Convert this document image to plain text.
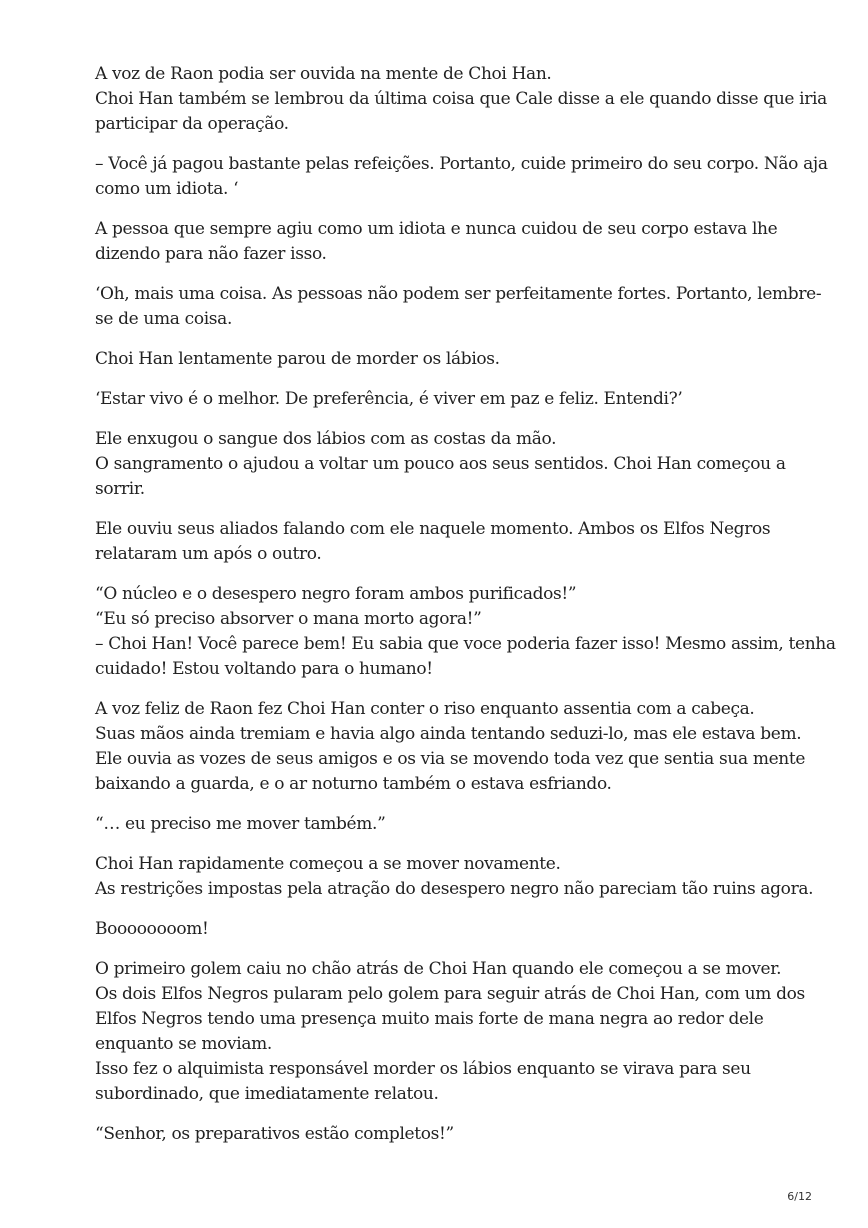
A voz de Raon podia ser ouvida na mente de Choi Han.
Choi Han também se lembrou da última coisa que Cale disse a ele quando disse que iria
participar da operação.

– Você já pagou bastante pelas refeições. Portanto, cuide primeiro do seu corpo. Não aja
como um idiota. ‘

A pessoa que sempre agiu como um idiota e nunca cuidou de seu corpo estava lhe
dizendo para não fazer isso.

‘Oh, mais uma coisa. As pessoas não podem ser perfeitamente fortes. Portanto, lembre-
se de uma coisa.

Choi Han lentamente parou de morder os lábios.

‘Estar vivo é o melhor. De preferência, é viver em paz e feliz. Entendi?’

Ele enxugou o sangue dos lábios com as costas da mão.
O sangramento o ajudou a voltar um pouco aos seus sentidos. Choi Han começou a
sorrir.

Ele ouviu seus aliados falando com ele naquele momento. Ambos os Elfos Negros
relataram um após o outro.

“O núcleo e o desespero negro foram ambos purificados!”
“Eu só preciso absorver o mana morto agora!”
– Choi Han! Você parece bem! Eu sabia que voce poderia fazer isso! Mesmo assim, tenha
cuidado! Estou voltando para o humano!

A voz feliz de Raon fez Choi Han conter o riso enquanto assentia com a cabeça.
Suas mãos ainda tremiam e havia algo ainda tentando seduzi-lo, mas ele estava bem.
Ele ouvia as vozes de seus amigos e os via se movendo toda vez que sentia sua mente
baixando a guarda, e o ar noturno também o estava esfriando.

“… eu preciso me mover também.”

Choi Han rapidamente começou a se mover novamente.
As restrições impostas pela atração do desespero negro não pareciam tão ruins agora.

Boooooooom!

O primeiro golem caiu no chão atrás de Choi Han quando ele começou a se mover.
Os dois Elfos Negros pularam pelo golem para seguir atrás de Choi Han, com um dos
Elfos Negros tendo uma presença muito mais forte de mana negra ao redor dele
enquanto se moviam.
Isso fez o alquimista responsável morder os lábios enquanto se virava para seu
subordinado, que imediatamente relatou.

“Senhor, os preparativos estão completos!”

6/12
